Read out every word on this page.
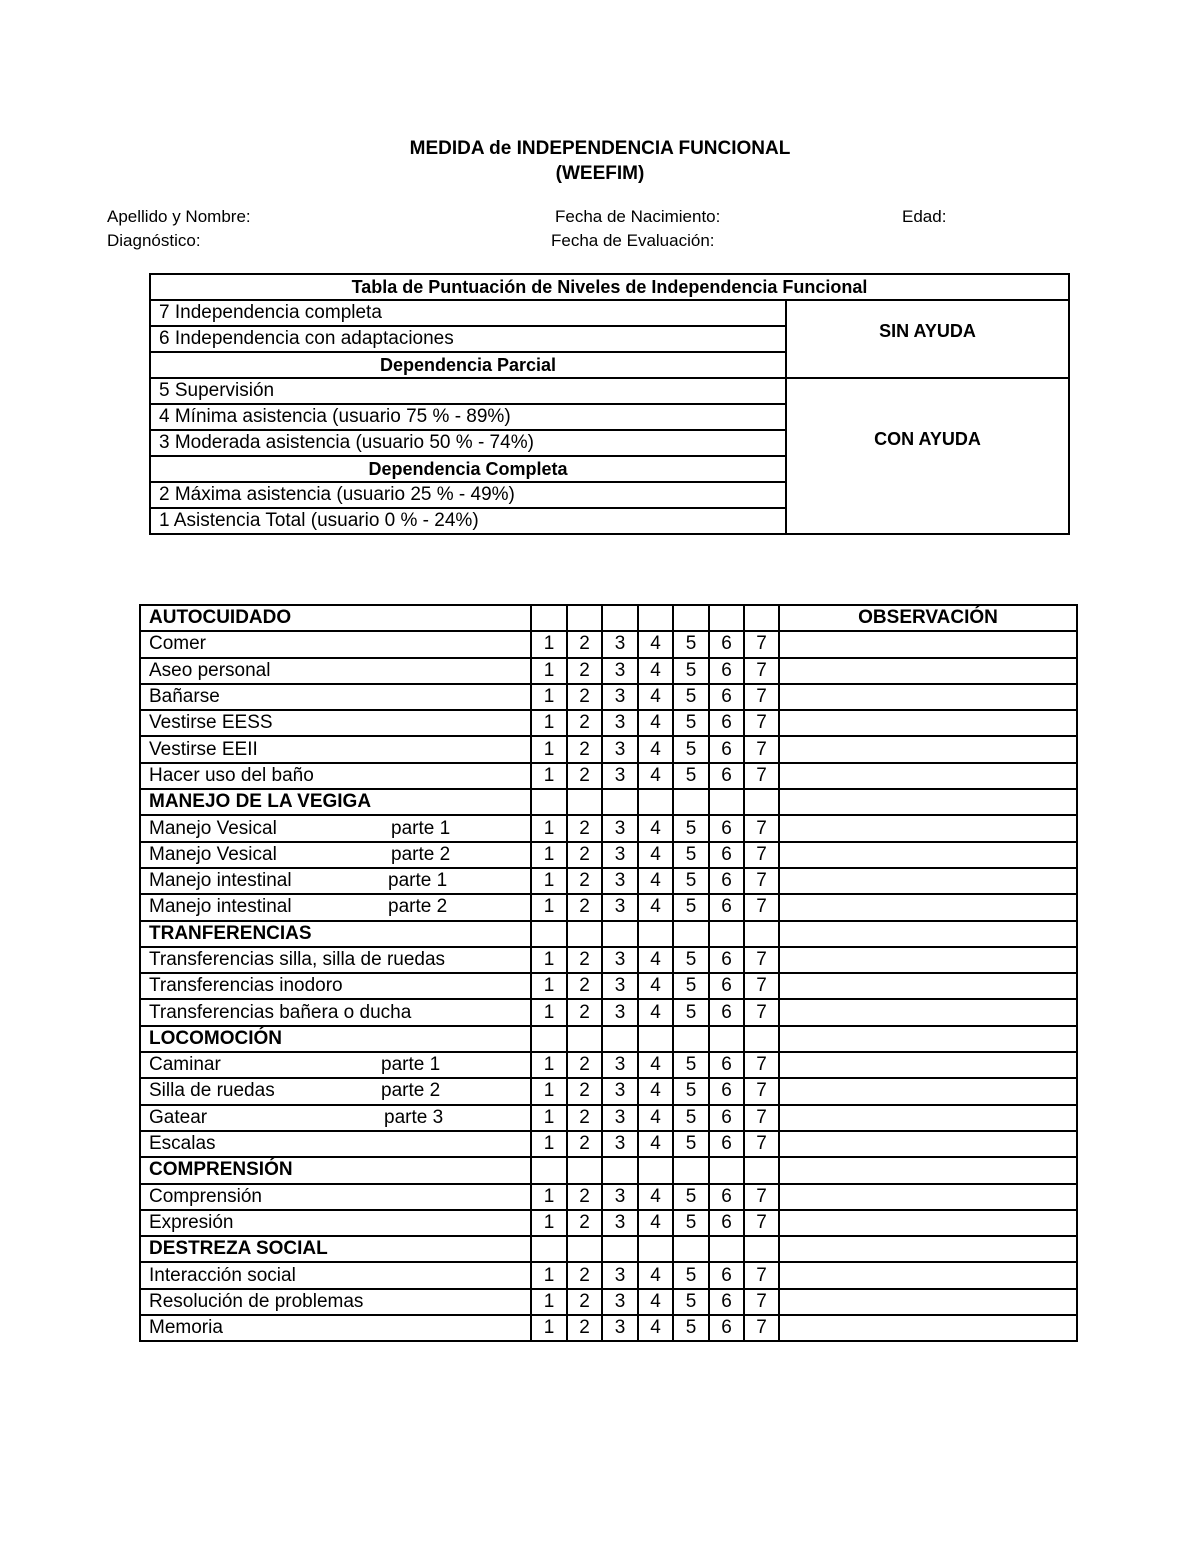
MEDIDA de INDEPENDENCIA FUNCIONAL
(WEEFIM)
Apellido y Nombre:	Fecha de Nacimiento:	Edad:
Diagnóstico:	Fecha de Evaluación:
Tabla de Puntuación de Niveles de Independencia Funcional	
7 Independencia completa	SIN AYUDA
6 Independencia con adaptaciones	
Dependencia Parcial	
5 Supervisión	CON AYUDA
4 Mínima asistencia (usuario 75 % - 89%)	
3 Moderada asistencia (usuario 50 % - 74%)	
Dependencia Completa	
2 Máxima asistencia (usuario 25 % - 49%)	
1 Asistencia Total (usuario 0 % - 24%)	
AUTOCUIDADO								OBSERVACIÓN
Comer	1	2	3	4	5	6	7	
Aseo personal	1	2	3	4	5	6	7	
Bañarse	1	2	3	4	5	6	7	
Vestirse EESS	1	2	3	4	5	6	7	
Vestirse EEII	1	2	3	4	5	6	7	
Hacer uso del baño	1	2	3	4	5	6	7	
MANEJO DE LA VEGIGA								
Manejo Vesical parte 1	1	2	3	4	5	6	7	
Manejo Vesical parte 2	1	2	3	4	5	6	7	
Manejo intestinal parte 1	1	2	3	4	5	6	7	
Manejo intestinal parte 2	1	2	3	4	5	6	7	
TRANFERENCIAS								
Transferencias silla, silla de ruedas	1	2	3	4	5	6	7	
Transferencias inodoro	1	2	3	4	5	6	7	
Transferencias bañera o ducha	1	2	3	4	5	6	7	
LOCOMOCIÓN								
Caminar parte 1	1	2	3	4	5	6	7	
Silla de ruedas parte 2	1	2	3	4	5	6	7	
Gatear parte 3	1	2	3	4	5	6	7	
Escalas	1	2	3	4	5	6	7	
COMPRENSIÓN								
Comprensión	1	2	3	4	5	6	7	
Expresión	1	2	3	4	5	6	7	
DESTREZA SOCIAL								
Interacción social	1	2	3	4	5	6	7	
Resolución de problemas	1	2	3	4	5	6	7	
Memoria	1	2	3	4	5	6	7	
